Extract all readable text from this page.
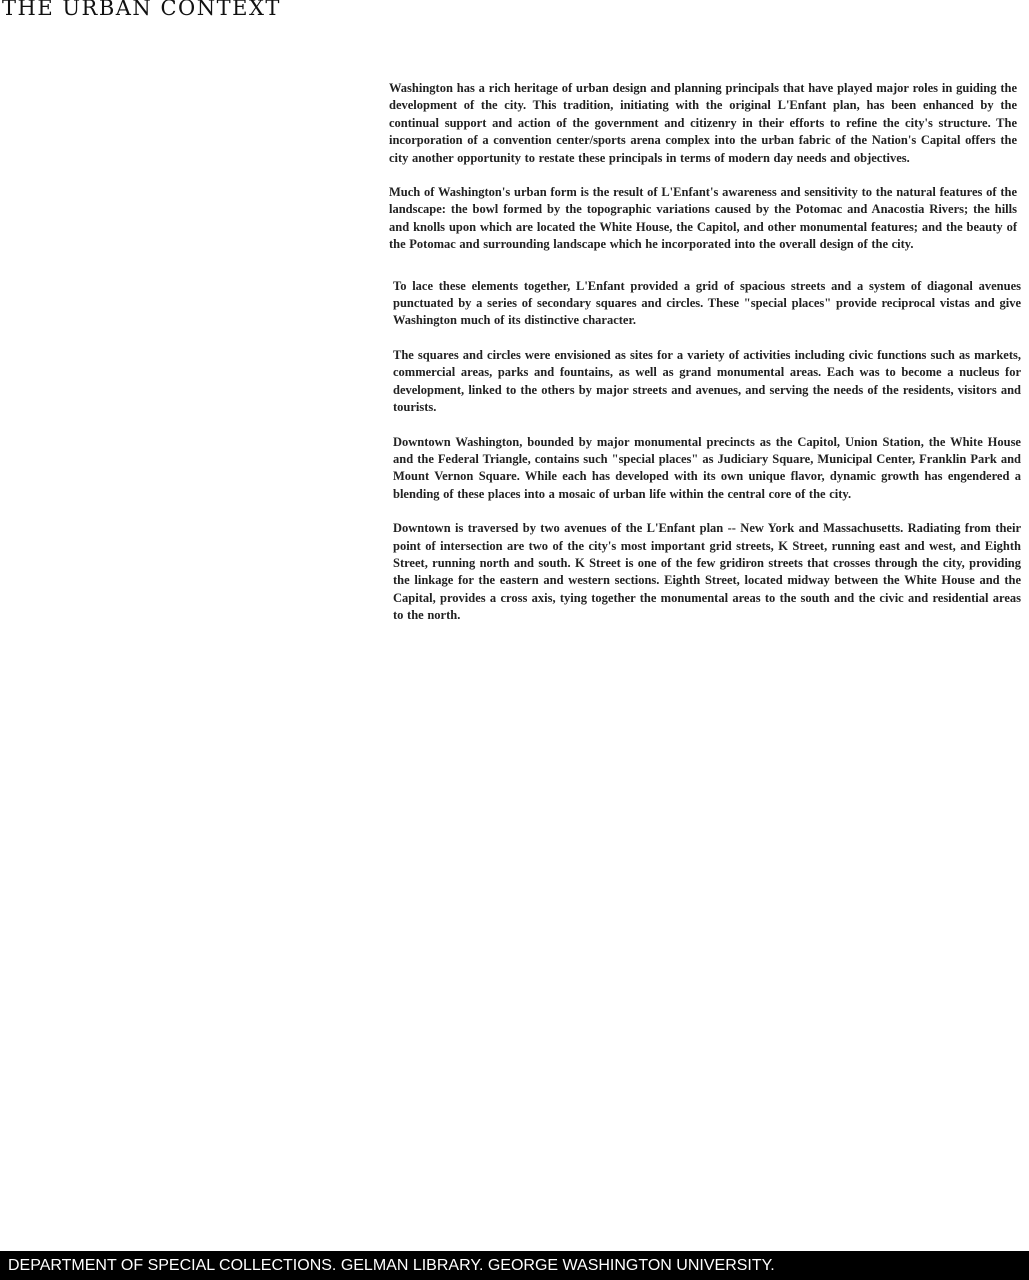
THE URBAN CONTEXT

Washington has a rich heritage of urban design and planning principals that have played major roles in guiding the development of the city. This tradition, initiating with the original L'Enfant plan, has been enhanced by the continual support and action of the government and citizenry in their efforts to refine the city's structure. The incorporation of a convention center/sports arena complex into the urban fabric of the Nation's Capital offers the city another opportunity to restate these principals in terms of modern day needs and objectives.

Much of Washington's urban form is the result of L'Enfant's awareness and sensitivity to the natural features of the landscape: the bowl formed by the topographic variations caused by the Potomac and Anacostia Rivers; the hills and knolls upon which are located the White House, the Capitol, and other monumental features; and the beauty of the Potomac and surrounding landscape which he incorporated into the overall design of the city.

To lace these elements together, L'Enfant provided a grid of spacious streets and a system of diagonal avenues punctuated by a series of secondary squares and circles. These "special places" provide reciprocal vistas and give Washington much of its distinctive character.

The squares and circles were envisioned as sites for a variety of activities including civic functions such as markets, commercial areas, parks and fountains, as well as grand monumental areas. Each was to become a nucleus for development, linked to the others by major streets and avenues, and serving the needs of the residents, visitors and tourists.

Downtown Washington, bounded by major monumental precincts as the Capitol, Union Station, the White House and the Federal Triangle, contains such "special places" as Judiciary Square, Municipal Center, Franklin Park and Mount Vernon Square. While each has developed with its own unique flavor, dynamic growth has engendered a blending of these places into a mosaic of urban life within the central core of the city.

Downtown is traversed by two avenues of the L'Enfant plan -- New York and Massachusetts. Radiating from their point of intersection are two of the city's most important grid streets, K Street, running east and west, and Eighth Street, running north and south. K Street is one of the few gridiron streets that crosses through the city, providing the linkage for the eastern and western sections. Eighth Street, located midway between the White House and the Capital, provides a cross axis, tying together the monumental areas to the south and the civic and residential areas to the north.

DEPARTMENT OF SPECIAL COLLECTIONS. GELMAN LIBRARY. GEORGE WASHINGTON UNIVERSITY.
